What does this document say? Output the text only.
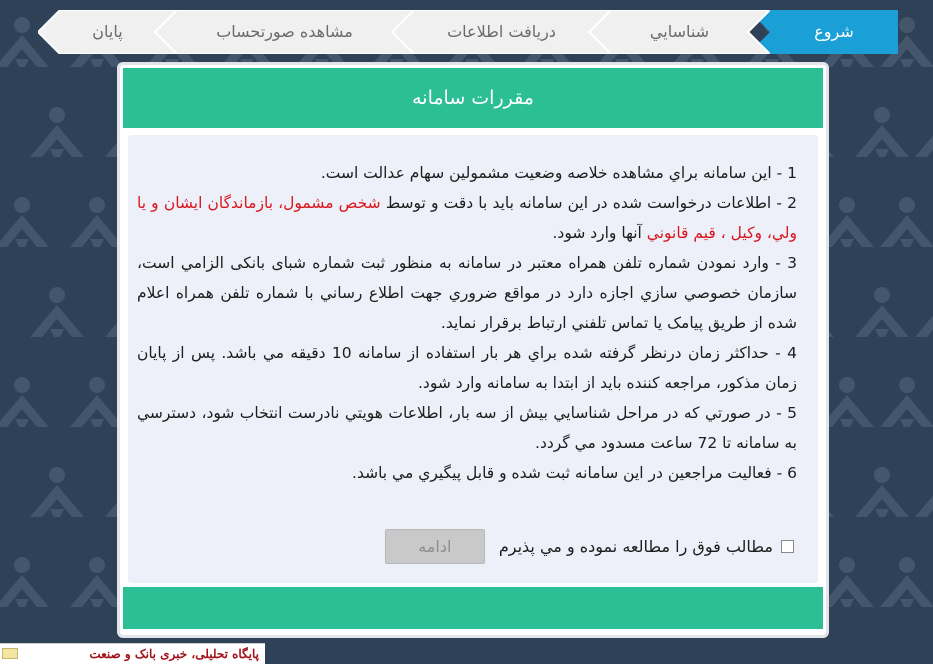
شروع
شناسايي
دريافت اطلاعات
مشاهده صورتحساب
پايان
مقررات سامانه

1 - اين سامانه براي مشاهده خلاصه وضعيت مشمولين سهام عدالت است.

2 - اطلاعات درخواست شده در اين سامانه بايد با دقت و توسط شخص مشمول، بازماندگان ايشان و يا ولي، وكيل ، قيم قانوني آنها وارد شود.

3 - وارد نمودن شماره تلفن همراه معتبر در سامانه به منظور ثبت شماره شبای بانکی الزامي است، سازمان خصوصي سازي اجازه دارد در مواقع ضروري جهت اطلاع رساني با شماره تلفن همراه اعلام شده از طريق پيامک يا تماس تلفني ارتباط برقرار نمايد.

4 - حداكثر زمان درنظر گرفته شده براي هر بار استفاده از سامانه 10 دقيقه مي باشد. پس از پايان زمان مذكور، مراجعه كننده بايد از ابتدا به سامانه وارد شود.

5 - در صورتي كه در مراحل شناسايي بيش از سه بار، اطلاعات هويتي نادرست انتخاب شود، دسترسي به سامانه تا 72 ساعت مسدود مي گردد.

6 - فعاليت مراجعين در اين سامانه ثبت شده و قابل پيگيري مي باشد.

مطالب فوق را مطالعه نموده و مي پذيرم
ادامه
پایگاه تحلیلی، خبری بانک و صنعت
